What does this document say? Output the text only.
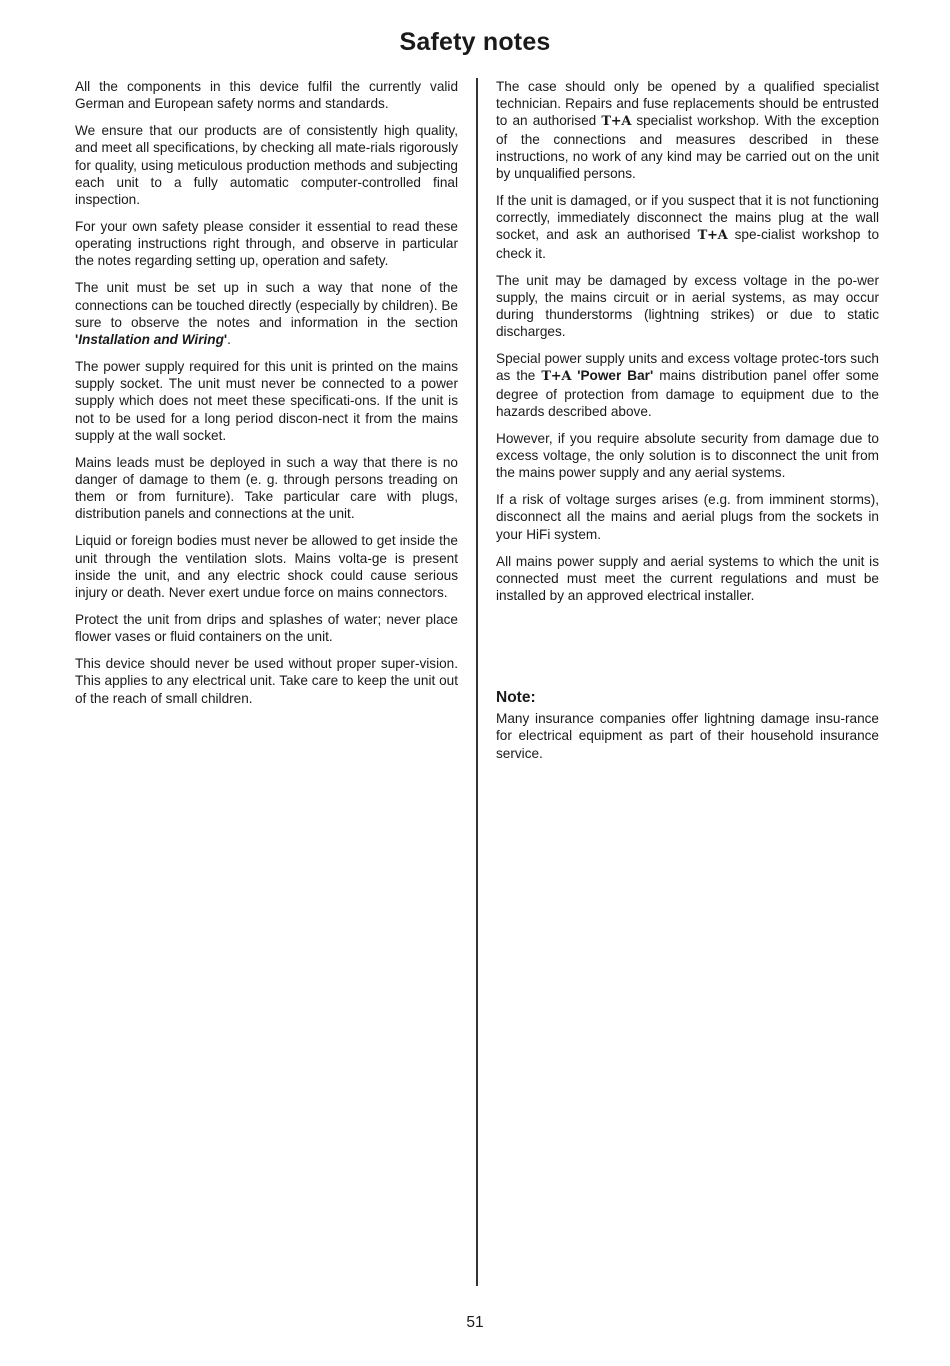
Safety notes

All the components in this device fulfil the currently valid German and European safety norms and standards.

We ensure that our products are of consistently high quality, and meet all specifications, by checking all mate-rials rigorously for quality, using meticulous production methods and subjecting each unit to a fully automatic computer-controlled final inspection.

For your own safety please consider it essential to read these operating instructions right through, and observe in particular the notes regarding setting up, operation and safety.

The unit must be set up in such a way that none of the connections can be touched directly (especially by children). Be sure to observe the notes and information in the section 'Installation and Wiring'.

The power supply required for this unit is printed on the mains supply socket. The unit must never be connected to a power supply which does not meet these specificati-ons. If the unit is not to be used for a long period discon-nect it from the mains supply at the wall socket.

Mains leads must be deployed in such a way that there is no danger of damage to them (e. g. through persons treading on them or from furniture). Take particular care with plugs, distribution panels and connections at the unit.

Liquid or foreign bodies must never be allowed to get inside the unit through the ventilation slots. Mains volta-ge is present inside the unit, and any electric shock could cause serious injury or death. Never exert undue force on mains connectors.

Protect the unit from drips and splashes of water; never place flower vases or fluid containers on the unit.

This device should never be used without proper super-vision. This applies to any electrical unit. Take care to keep the unit out of the reach of small children.

The case should only be opened by a qualified specialist technician. Repairs and fuse replacements should be entrusted to an authorised T+A specialist workshop. With the exception of the connections and measures described in these instructions, no work of any kind may be carried out on the unit by unqualified persons.

If the unit is damaged, or if you suspect that it is not functioning correctly, immediately disconnect the mains plug at the wall socket, and ask an authorised T+A spe-cialist workshop to check it.

The unit may be damaged by excess voltage in the po-wer supply, the mains circuit or in aerial systems, as may occur during thunderstorms (lightning strikes) or due to static discharges.

Special power supply units and excess voltage protec-tors such as the T+A 'Power Bar' mains distribution panel offer some degree of protection from damage to equipment due to the hazards described above.

However, if you require absolute security from damage due to excess voltage, the only solution is to disconnect the unit from the mains power supply and any aerial systems.

If a risk of voltage surges arises (e.g. from imminent storms), disconnect all the mains and aerial plugs from the sockets in your HiFi system.

All mains power supply and aerial systems to which the unit is connected must meet the current regulations and must be installed by an approved electrical installer.

Note:

Many insurance companies offer lightning damage insu-rance for electrical equipment as part of their household insurance service.

51
